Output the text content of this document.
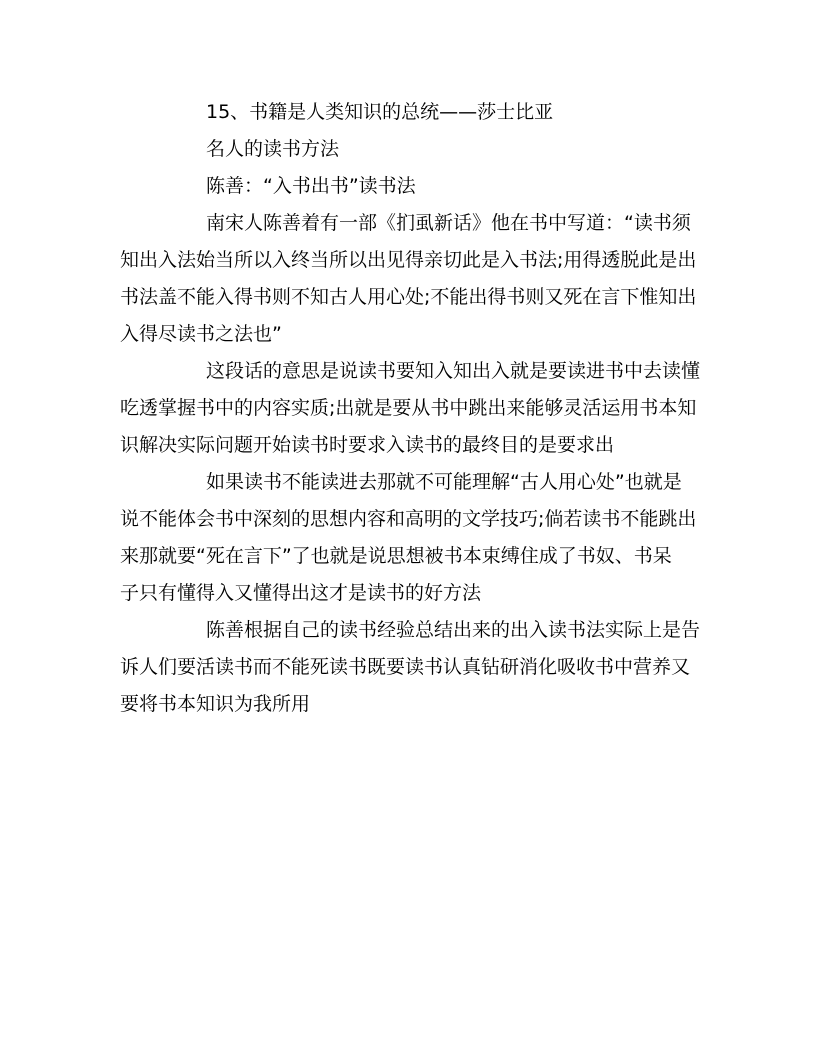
15、书籍是人类知识的总统——莎士比亚
名人的读书方法
陈善：“入书出书”读书法
南宋人陈善着有一部《扪虱新话》他在书中写道：“读书须
知出入法始当所以入终当所以出见得亲切此是入书法;用得透脱此是出
书法盖不能入得书则不知古人用心处;不能出得书则又死在言下惟知出
入得尽读书之法也”
这段话的意思是说读书要知入知出入就是要读进书中去读懂
吃透掌握书中的内容实质;出就是要从书中跳出来能够灵活运用书本知
识解决实际问题开始读书时要求入读书的最终目的是要求出
如果读书不能读进去那就不可能理解“古人用心处”也就是
说不能体会书中深刻的思想内容和高明的文学技巧;倘若读书不能跳出
来那就要“死在言下”了也就是说思想被书本束缚住成了书奴、书呆
子只有懂得入又懂得出这才是读书的好方法
陈善根据自己的读书经验总结出来的出入读书法实际上是告
诉人们要活读书而不能死读书既要读书认真钻研消化吸收书中营养又
要将书本知识为我所用
